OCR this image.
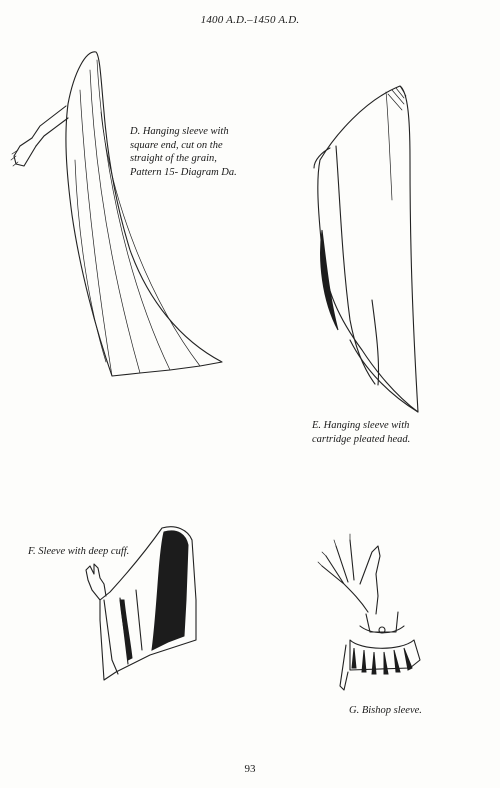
1400 A.D.–1450 A.D.
D. Hanging sleeve with
square end, cut on the
straight of the grain,
Pattern 15- Diagram Da.
E. Hanging sleeve with
cartridge pleated head.
F. Sleeve with deep cuff.
G. Bishop sleeve.
93
